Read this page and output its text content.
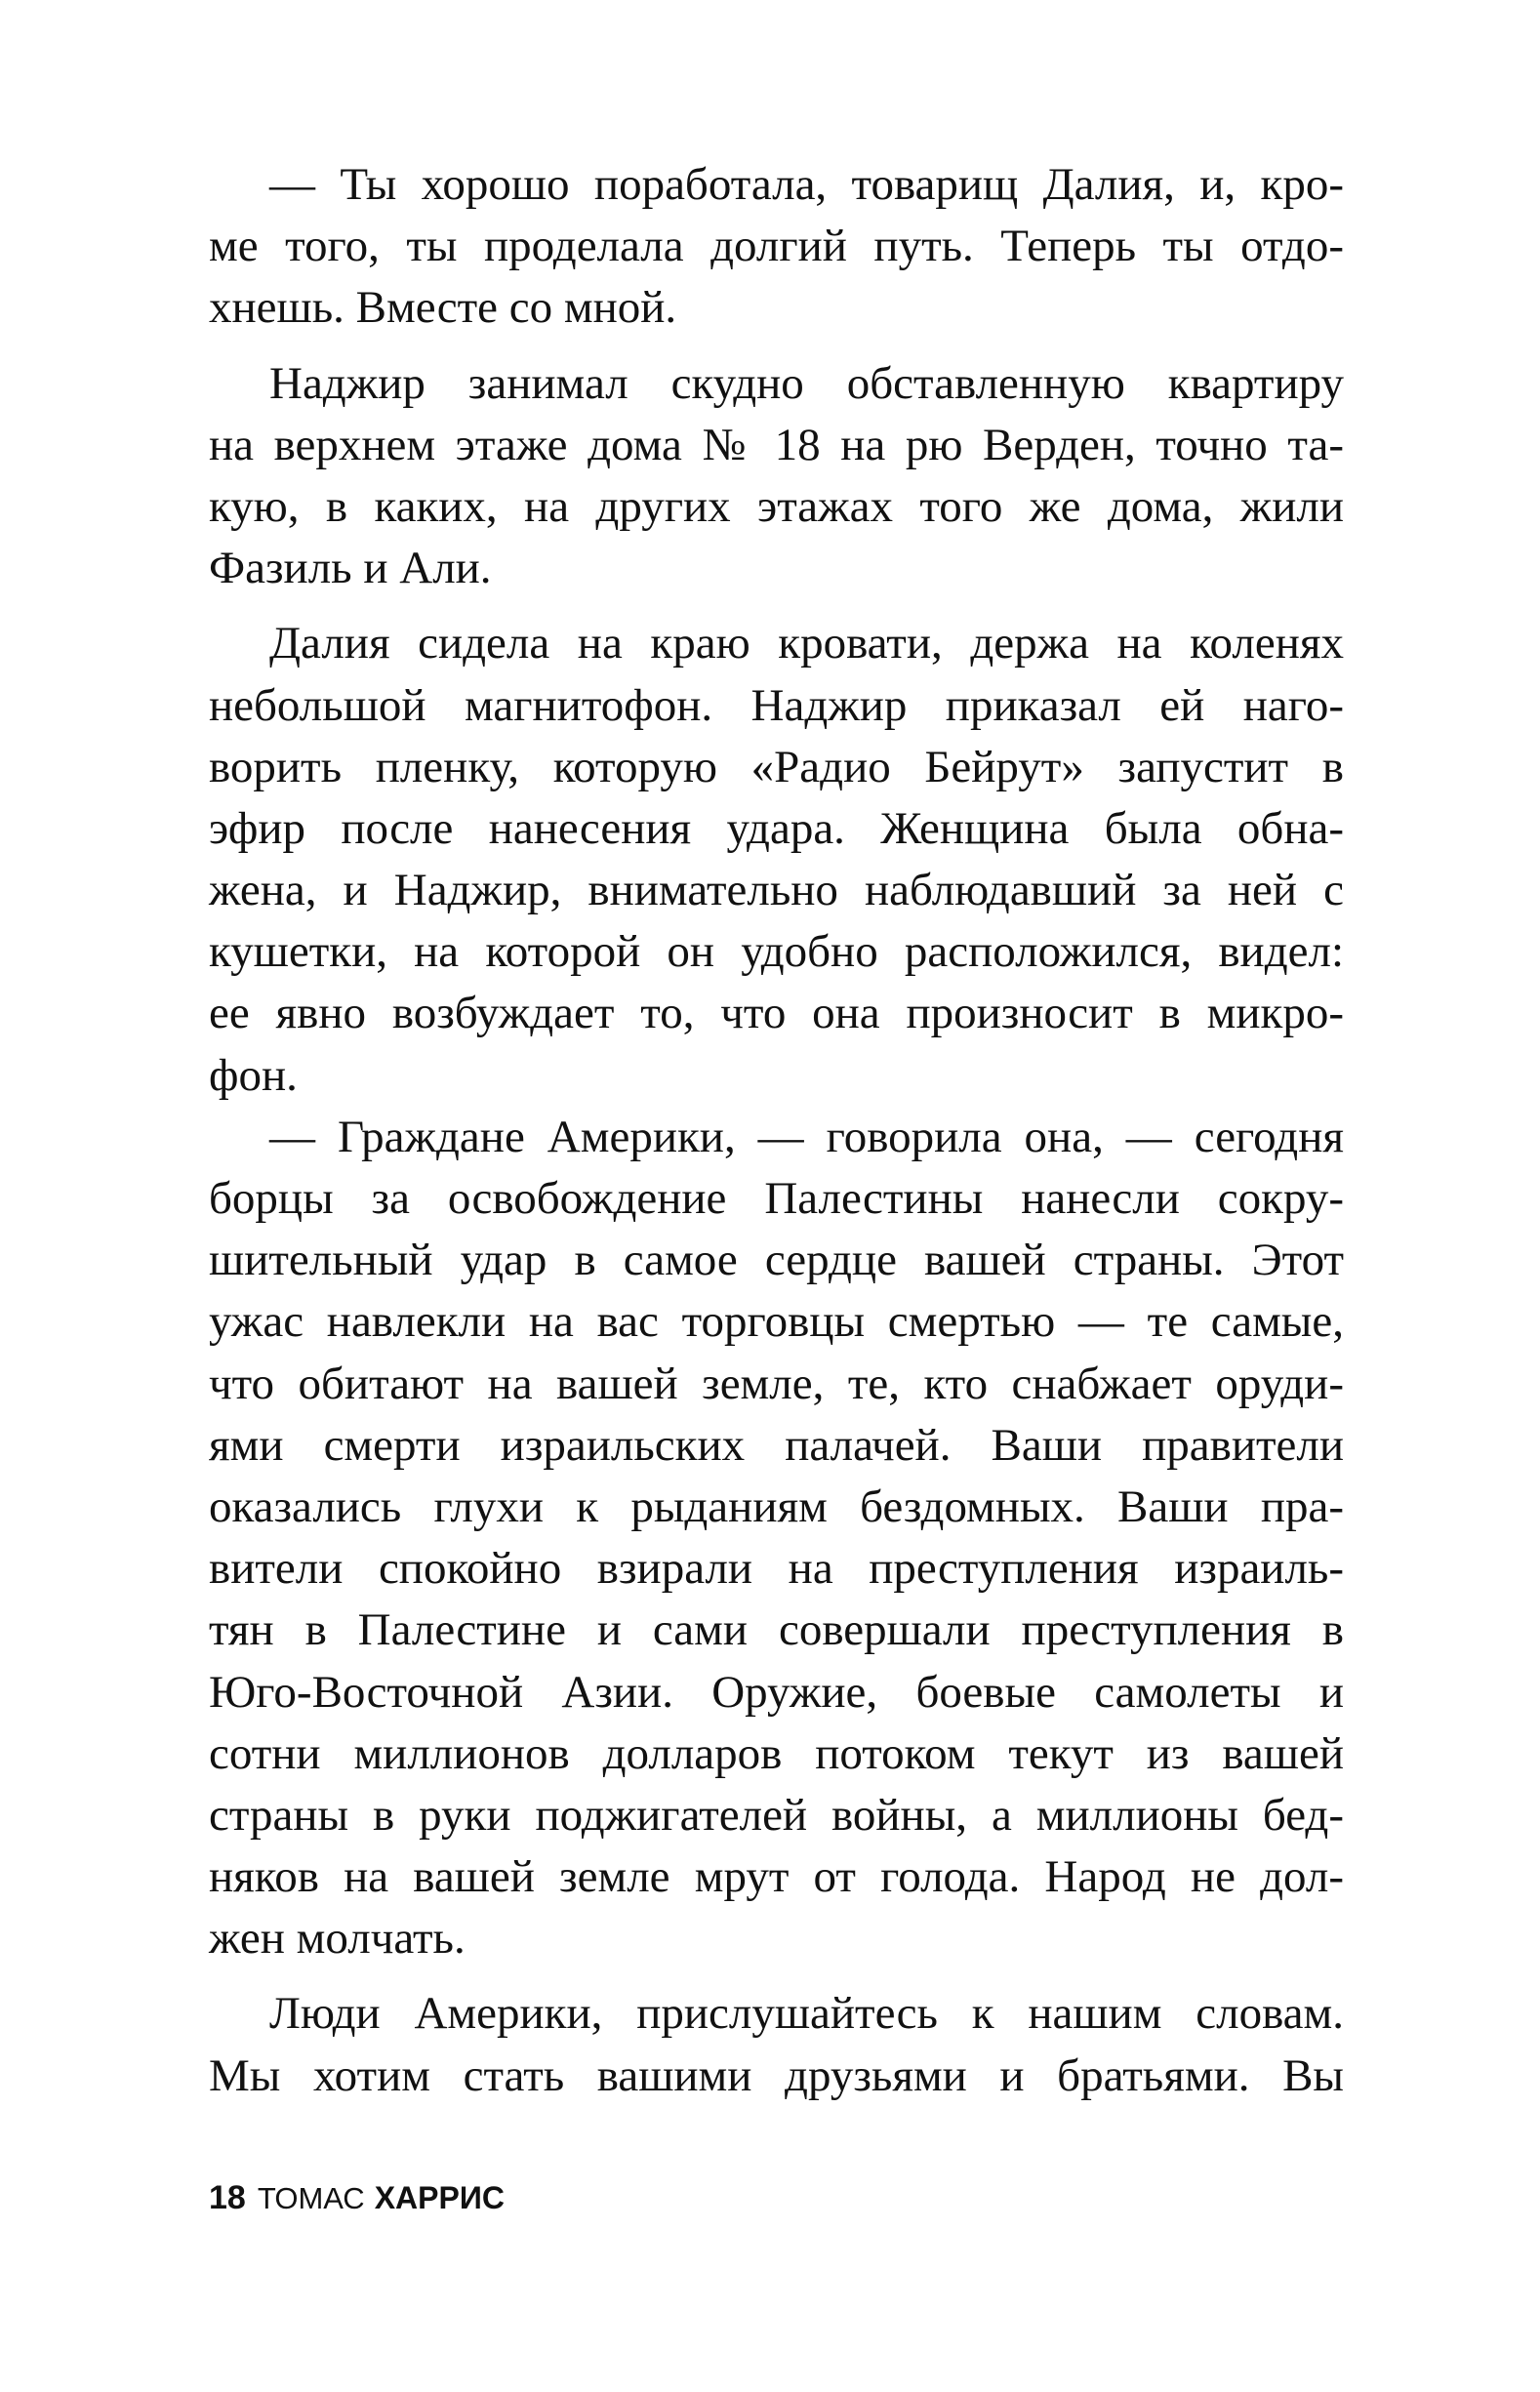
— Ты хорошо поработала, товарищ Далия, и, кро-
ме того, ты проделала долгий путь. Теперь ты отдо-
хнешь. Вместе со мной.
Наджир занимал скудно обставленную квартиру
на верхнем этаже дома № 18 на рю Верден, точно та-
кую, в каких, на других этажах того же дома, жили
Фазиль и Али.
Далия сидела на краю кровати, держа на коленях
небольшой магнитофон. Наджир приказал ей наго-
ворить пленку, которую «Радио Бейрут» запустит в
эфир после нанесения удара. Женщина была обна-
жена, и Наджир, внимательно наблюдавший за ней с
кушетки, на которой он удобно расположился, видел:
ее явно возбуждает то, что она произносит в микро-
фон.
— Граждане Америки, — говорила она, — сегодня
борцы за освобождение Палестины нанесли сокру-
шительный удар в самое сердце вашей страны. Этот
ужас навлекли на вас торговцы смертью — те самые,
что обитают на вашей земле, те, кто снабжает оруди-
ями смерти израильских палачей. Ваши правители
оказались глухи к рыданиям бездомных. Ваши пра-
вители спокойно взирали на преступления израиль-
тян в Палестине и сами совершали преступления в
Юго-Восточной Азии. Оружие, боевые самолеты и
сотни миллионов долларов потоком текут из вашей
страны в руки поджигателей войны, а миллионы бед-
няков на вашей земле мрут от голода. Народ не дол-
жен молчать.
Люди Америки, прислушайтесь к нашим словам.
Мы хотим стать вашими друзьями и братьями. Вы
18 ТОМАС ХАРРИС
